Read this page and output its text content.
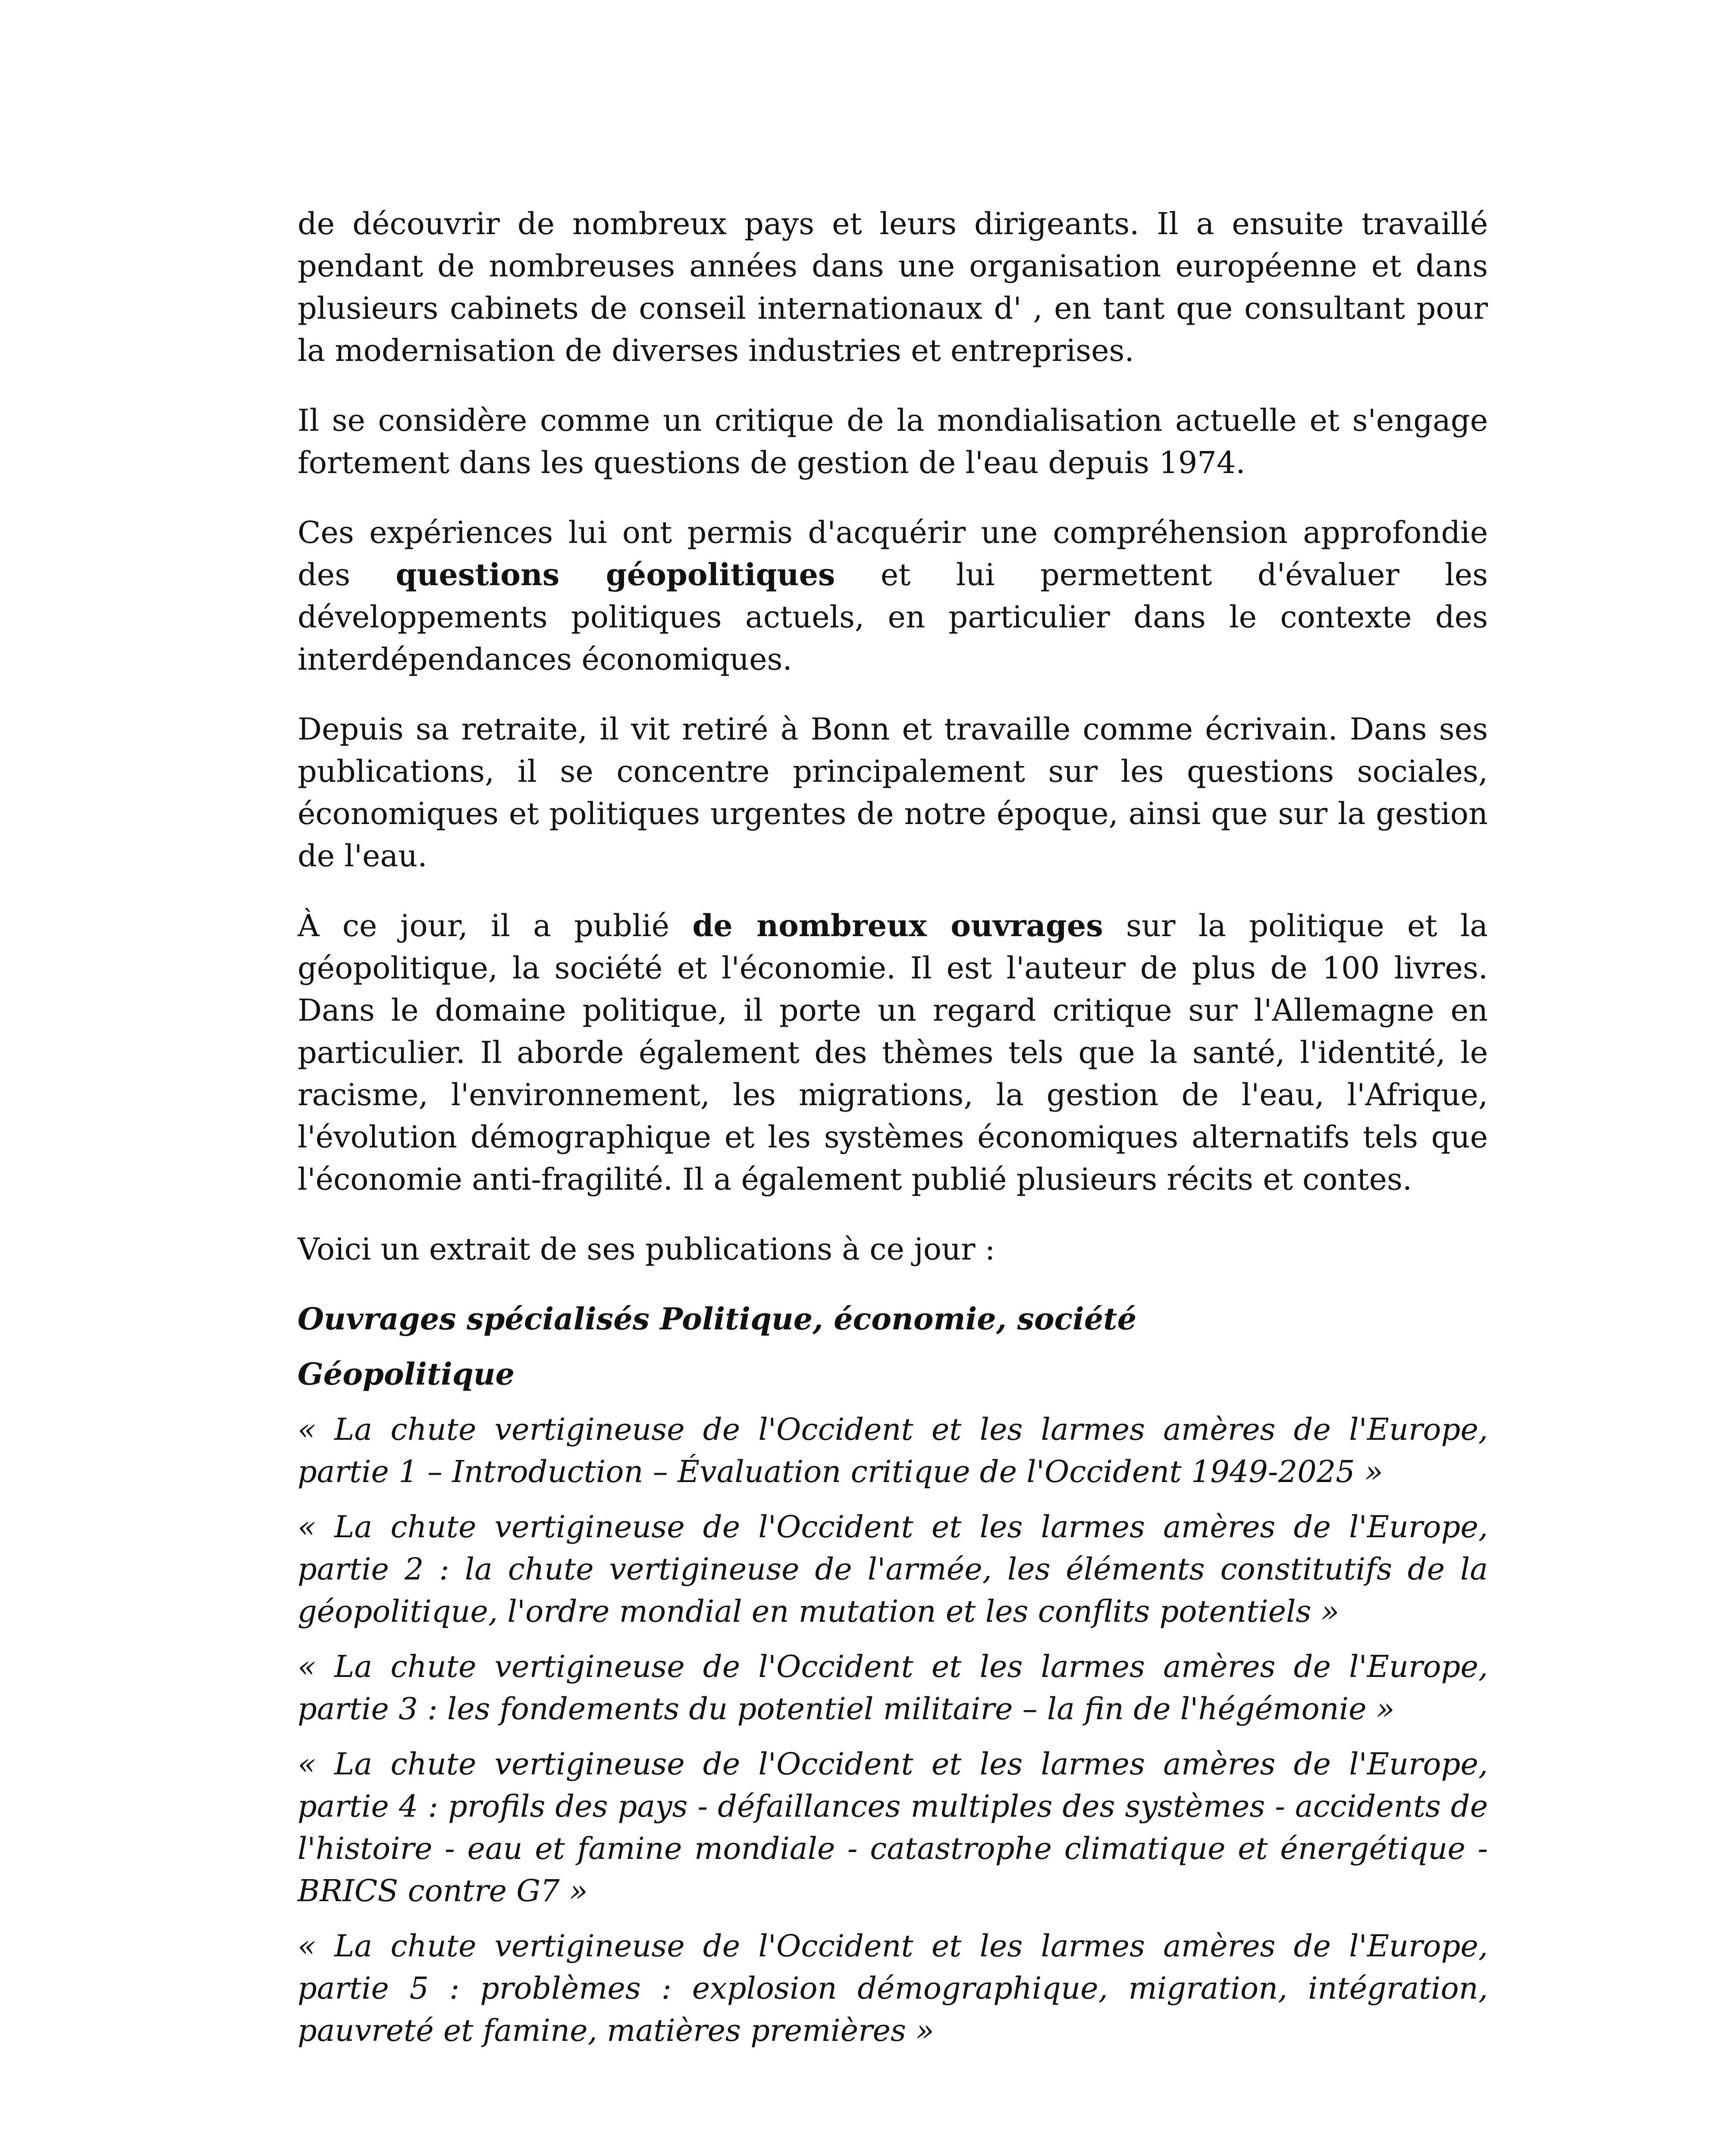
de découvrir de nombreux pays et leurs dirigeants. Il a ensuite travaillé pendant de nombreuses années dans une organisation européenne et dans plusieurs cabinets de conseil internationaux d' , en tant que consultant pour la modernisation de diverses industries et entreprises.

Il se considère comme un critique de la mondialisation actuelle et s'engage fortement dans les questions de gestion de l'eau depuis 1974.

Ces expériences lui ont permis d'acquérir une compréhension approfondie des questions géopolitiques et lui permettent d'évaluer les développements politiques actuels, en particulier dans le contexte des interdépendances économiques.

Depuis sa retraite, il vit retiré à Bonn et travaille comme écrivain. Dans ses publications, il se concentre principalement sur les questions sociales, économiques et politiques urgentes de notre époque, ainsi que sur la gestion de l'eau.

À ce jour, il a publié de nombreux ouvrages sur la politique et la géopolitique, la société et l'économie. Il est l'auteur de plus de 100 livres. Dans le domaine politique, il porte un regard critique sur l'Allemagne en particulier. Il aborde également des thèmes tels que la santé, l'identité, le racisme, l'environnement, les migrations, la gestion de l'eau, l'Afrique, l'évolution démographique et les systèmes économiques alternatifs tels que l'économie anti-fragilité. Il a également publié plusieurs récits et contes.

Voici un extrait de ses publications à ce jour :

Ouvrages spécialisés Politique, économie, société

Géopolitique

« La chute vertigineuse de l'Occident et les larmes amères de l'Europe, partie 1 – Introduction – Évaluation critique de l'Occident 1949-2025 »

« La chute vertigineuse de l'Occident et les larmes amères de l'Europe, partie 2 : la chute vertigineuse de l'armée, les éléments constitutifs de la géopolitique, l'ordre mondial en mutation et les conflits potentiels »

« La chute vertigineuse de l'Occident et les larmes amères de l'Europe, partie 3 : les fondements du potentiel militaire – la fin de l'hégémonie »

« La chute vertigineuse de l'Occident et les larmes amères de l'Europe, partie 4 : profils des pays - défaillances multiples des systèmes - accidents de l'histoire - eau et famine mondiale - catastrophe climatique et énergétique - BRICS contre G7 »

« La chute vertigineuse de l'Occident et les larmes amères de l'Europe, partie 5 : problèmes : explosion démographique, migration, intégration, pauvreté et famine, matières premières »
